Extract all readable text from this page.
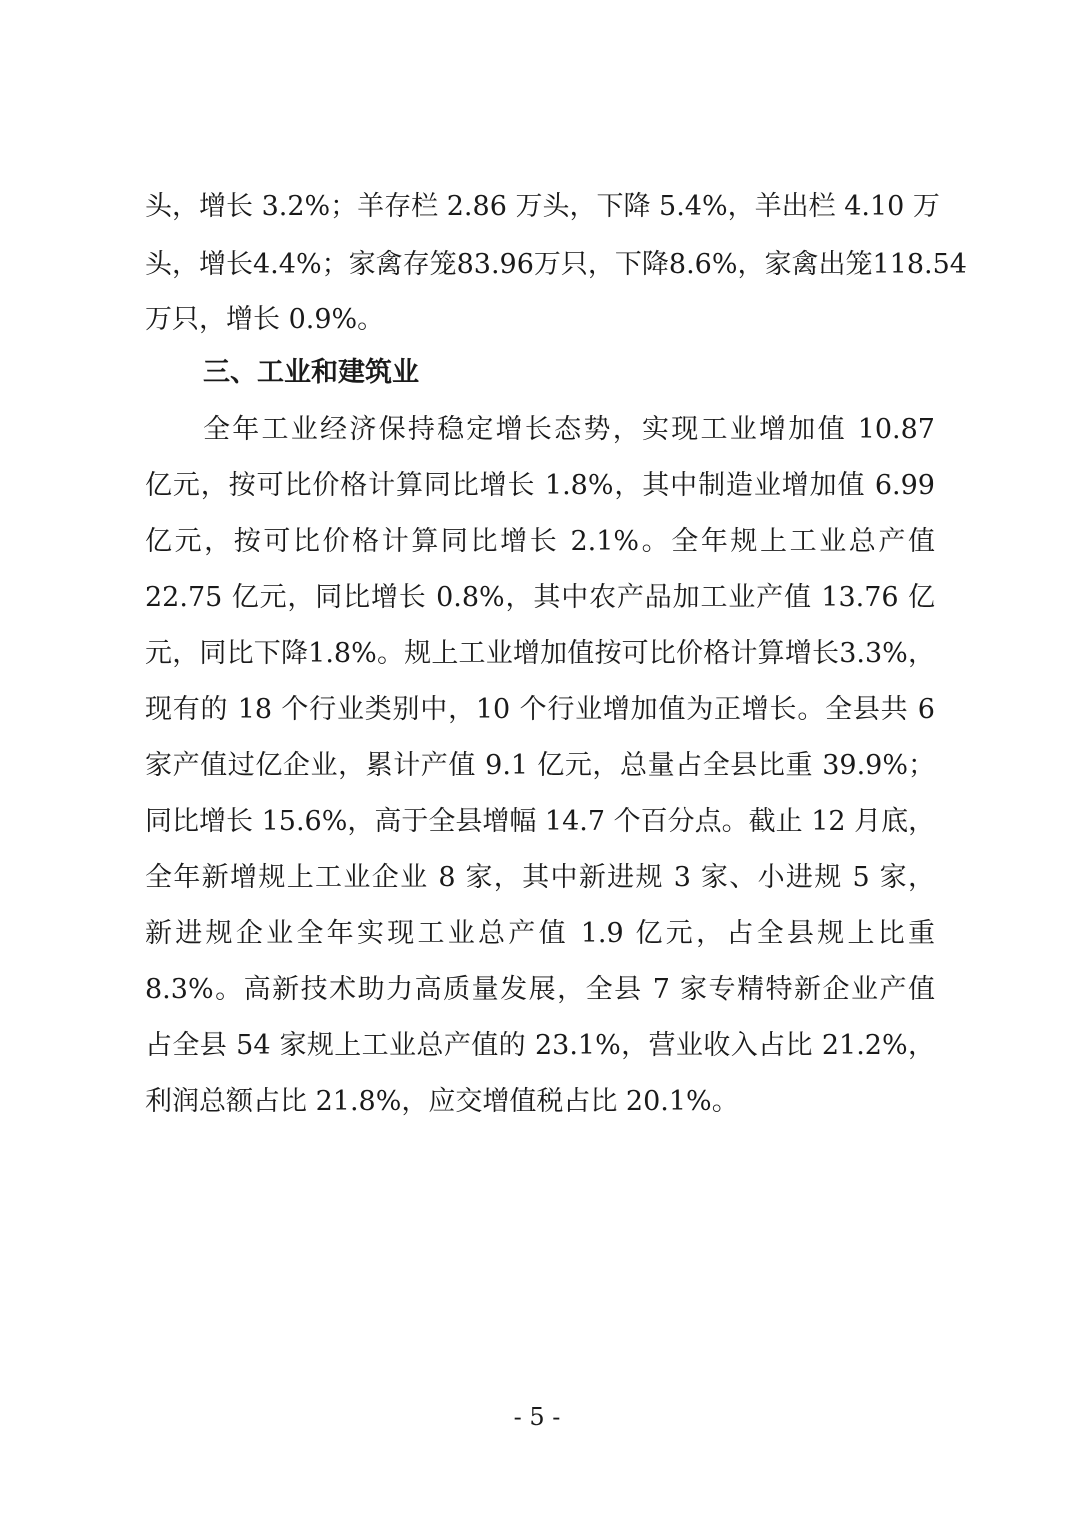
头，增长 3.2%；羊存栏 2.86 万头，下降 5.4%，羊出栏 4.10 万
头，增长4.4%；家禽存笼83.96万只，下降8.6%，家禽出笼118.54
万只，增长 0.9%。
三、工业和建筑业
全年工业经济保持稳定增长态势，实现工业增加值 10.87
亿元，按可比价格计算同比增长 1.8%，其中制造业增加值 6.99
亿元，按可比价格计算同比增长 2.1%。全年规上工业总产值
22.75 亿元，同比增长 0.8%，其中农产品加工业产值 13.76 亿
元，同比下降1.8%。规上工业增加值按可比价格计算增长3.3%，
现有的 18 个行业类别中，10 个行业增加值为正增长。全县共 6
家产值过亿企业，累计产值 9.1 亿元，总量占全县比重 39.9%；
同比增长 15.6%，高于全县增幅 14.7 个百分点。截止 12 月底，
全年新增规上工业企业 8 家，其中新进规 3 家、小进规 5 家，
新进规企业全年实现工业总产值 1.9 亿元，占全县规上比重
8.3%。高新技术助力高质量发展，全县 7 家专精特新企业产值
占全县 54 家规上工业总产值的 23.1%，营业收入占比 21.2%，
利润总额占比 21.8%，应交增值税占比 20.1%。
- 5 -
